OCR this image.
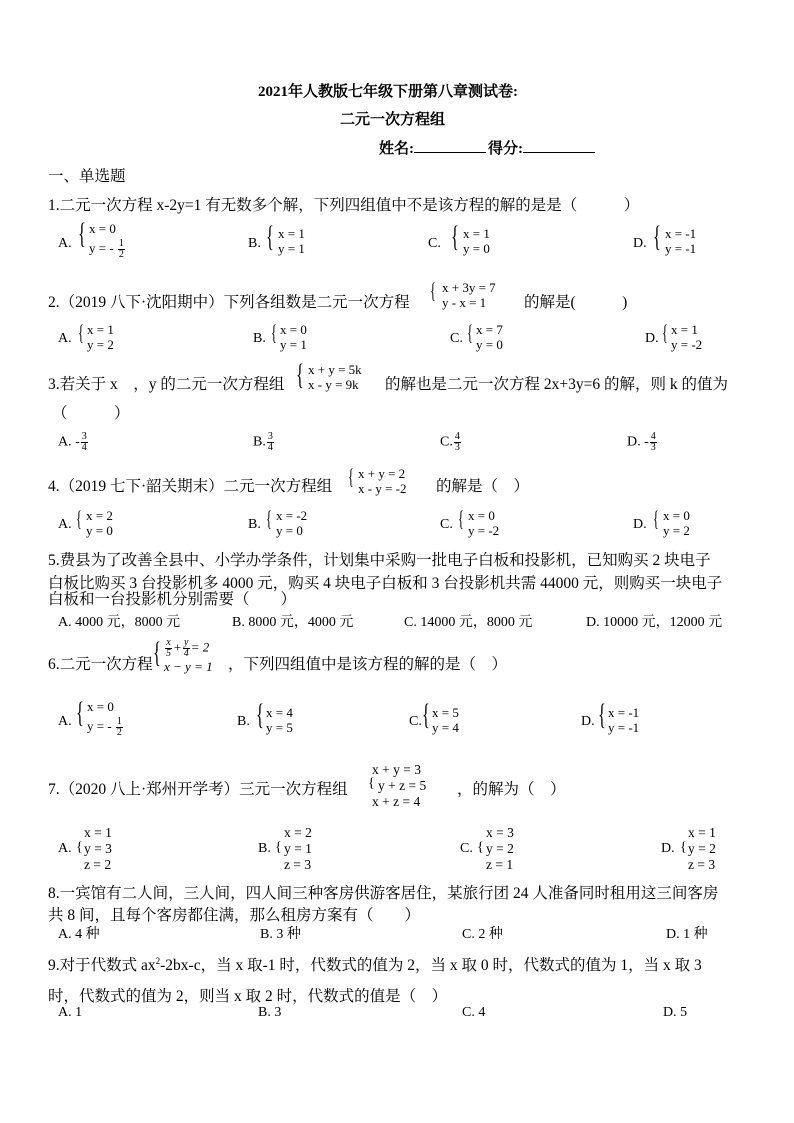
2021年人教版七年级下册第八章测试卷:
二元一次方程组
姓名:	得分:
一、单选题
1.二元一次方程 x-2y=1 有无数多个解，下列四组值中不是该方程的解的是是（　　　）
A. { x = 0
y = - $\frac{1}{2}$	B. { x = 1
y = 1	C. { x = 1
y = 0	D. { x = -1
y = -1
2.（2019 八下·沈阳期中）下列各组数是二元一次方程 { x + 3y = 7
y - x = 1	的解是(　　　)
A. { x = 1
y = 2	B. { x = 0
y = 1	C. { x = 7
y = 0	D. { x = 1
y = -2
3.若关于 x　，y 的二元一次方程组 { x + y = 5k
x - y = 9k 的解也是二元一次方程 2x+3y=6 的解，则 k 的值为
（　　　）
A. - $\frac{3}{4}$	B. $\frac{3}{4}$	C. $\frac{4}{3}$	D. - $\frac{4}{3}$
4.（2019 七下·韶关期末）二元一次方程组 { x + y = 2
x - y = -2 的解是（　）
A. { x = 2
y = 0	B. { x = -2
y = 0	C. { x = 0
y = -2	D. { x = 0
y = 2
5.费县为了改善全县中、小学办学条件，计划集中采购一批电子白板和投影机，已知购买 2 块电子
白板比购买 3 台投影机多 4000 元，购买 4 块电子白板和 3 台投影机共需 44000 元，则购买一块电子
白板和一台投影机分别需要（　　）
A. 4000 元，8000 元	B. 8000 元，4000 元	C. 14000 元，8000 元	D. 10000 元，12000 元
6.二元一次方程 { $\frac{x}{5} + \frac{y}{4} = 2$
x − y = 1 ，下列四组值中是该方程的解的是（　）
A. { x = 0
y = - $\frac{1}{2}$	B. { x = 4
y = 5	C. { x = 5
y = 4	D. { x = -1
y = -1
7.（2020 八上·郑州开学考）三元一次方程组 {
x + y = 3
y + z = 5
x + z = 4
，的解为（　）
A. {
x = 1
y = 3
z = 2
B. {
x = 2
y = 1
z = 3
C. {
x = 3
y = 2
z = 1
D. {
x = 1
y = 2
z = 3
8.一宾馆有二人间，三人间，四人间三种客房供游客居住，某旅行团 24 人准备同时租用这三间客房
共 8 间，且每个客房都住满，那么租房方案有（　　）
A. 4 种	B. 3 种	C. 2 种	D. 1 种
9.对于代数式 $ax^2-2bx-c$，当 x 取-1 时，代数式的值为 2，当 x 取 0 时，代数式的值为 1，当 x 取 3
时，代数式的值为 2，则当 x 取 2 时，代数式的值是（　）
A. 1	B. 3	C. 4	D. 5
